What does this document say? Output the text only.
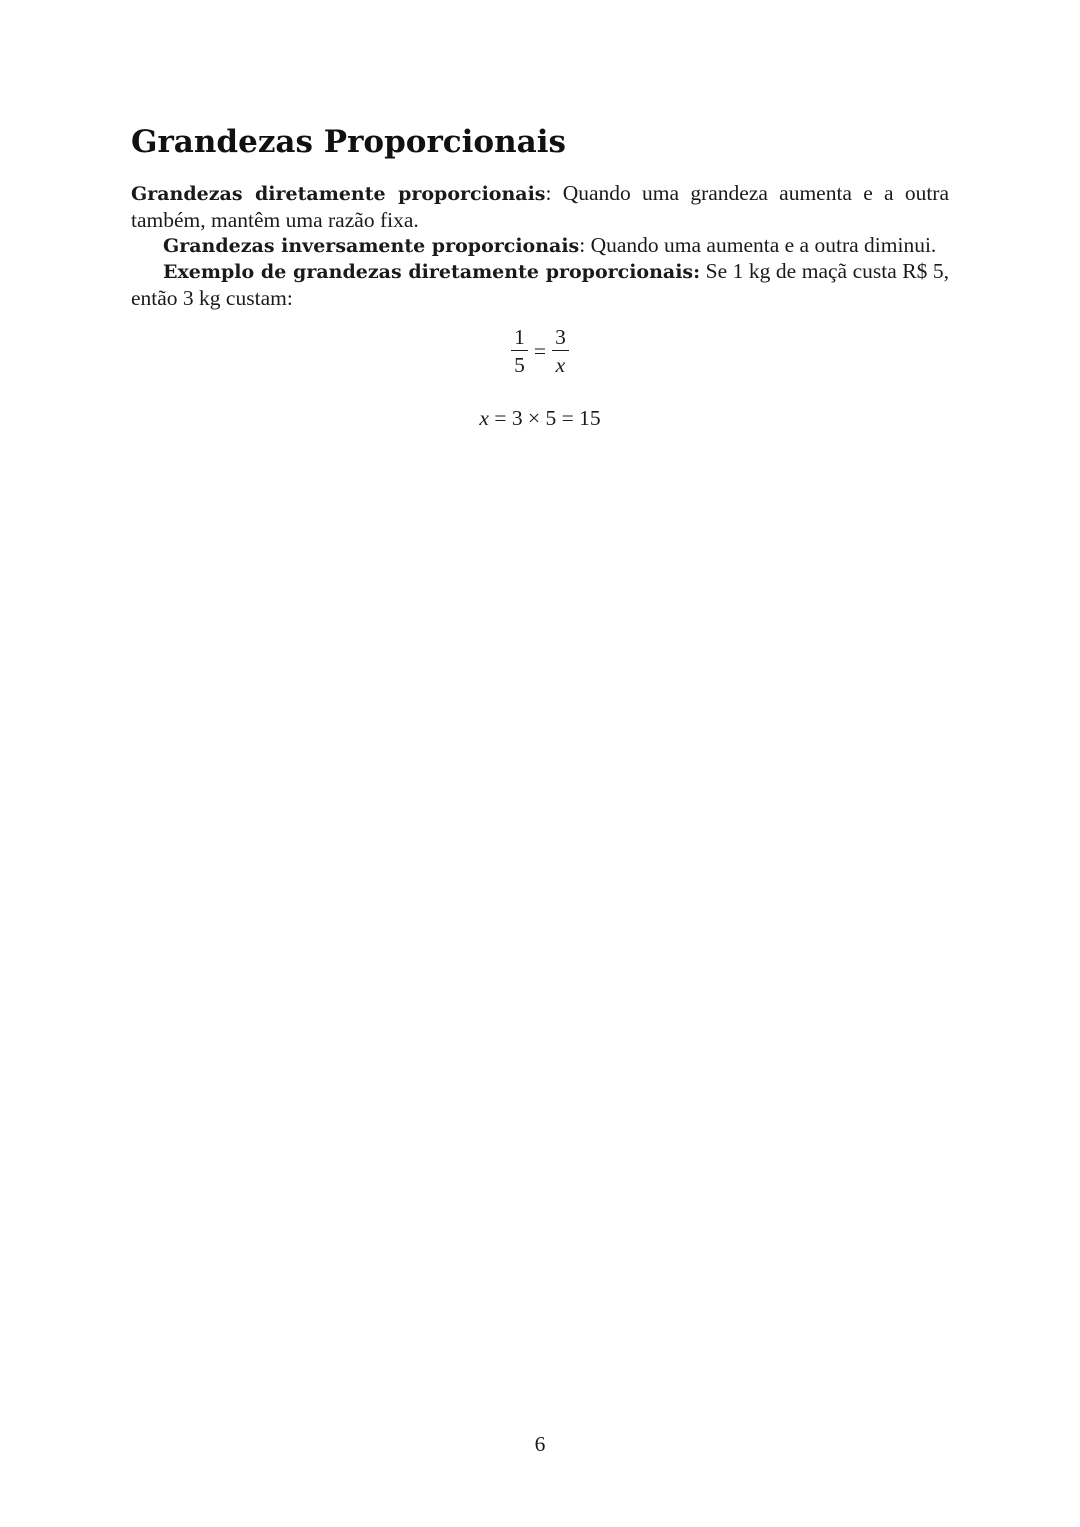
Grandezas Proporcionais
Grandezas diretamente proporcionais: Quando uma grandeza aumenta e a outra também, mantêm uma razão fixa.
Grandezas inversamente proporcionais: Quando uma aumenta e a outra diminui.
Exemplo de grandezas diretamente proporcionais: Se 1 kg de maçã custa R$ 5, então 3 kg custam:
$\frac{1}{5} = \frac{3}{x}$
x = 3 × 5 = 15
6
